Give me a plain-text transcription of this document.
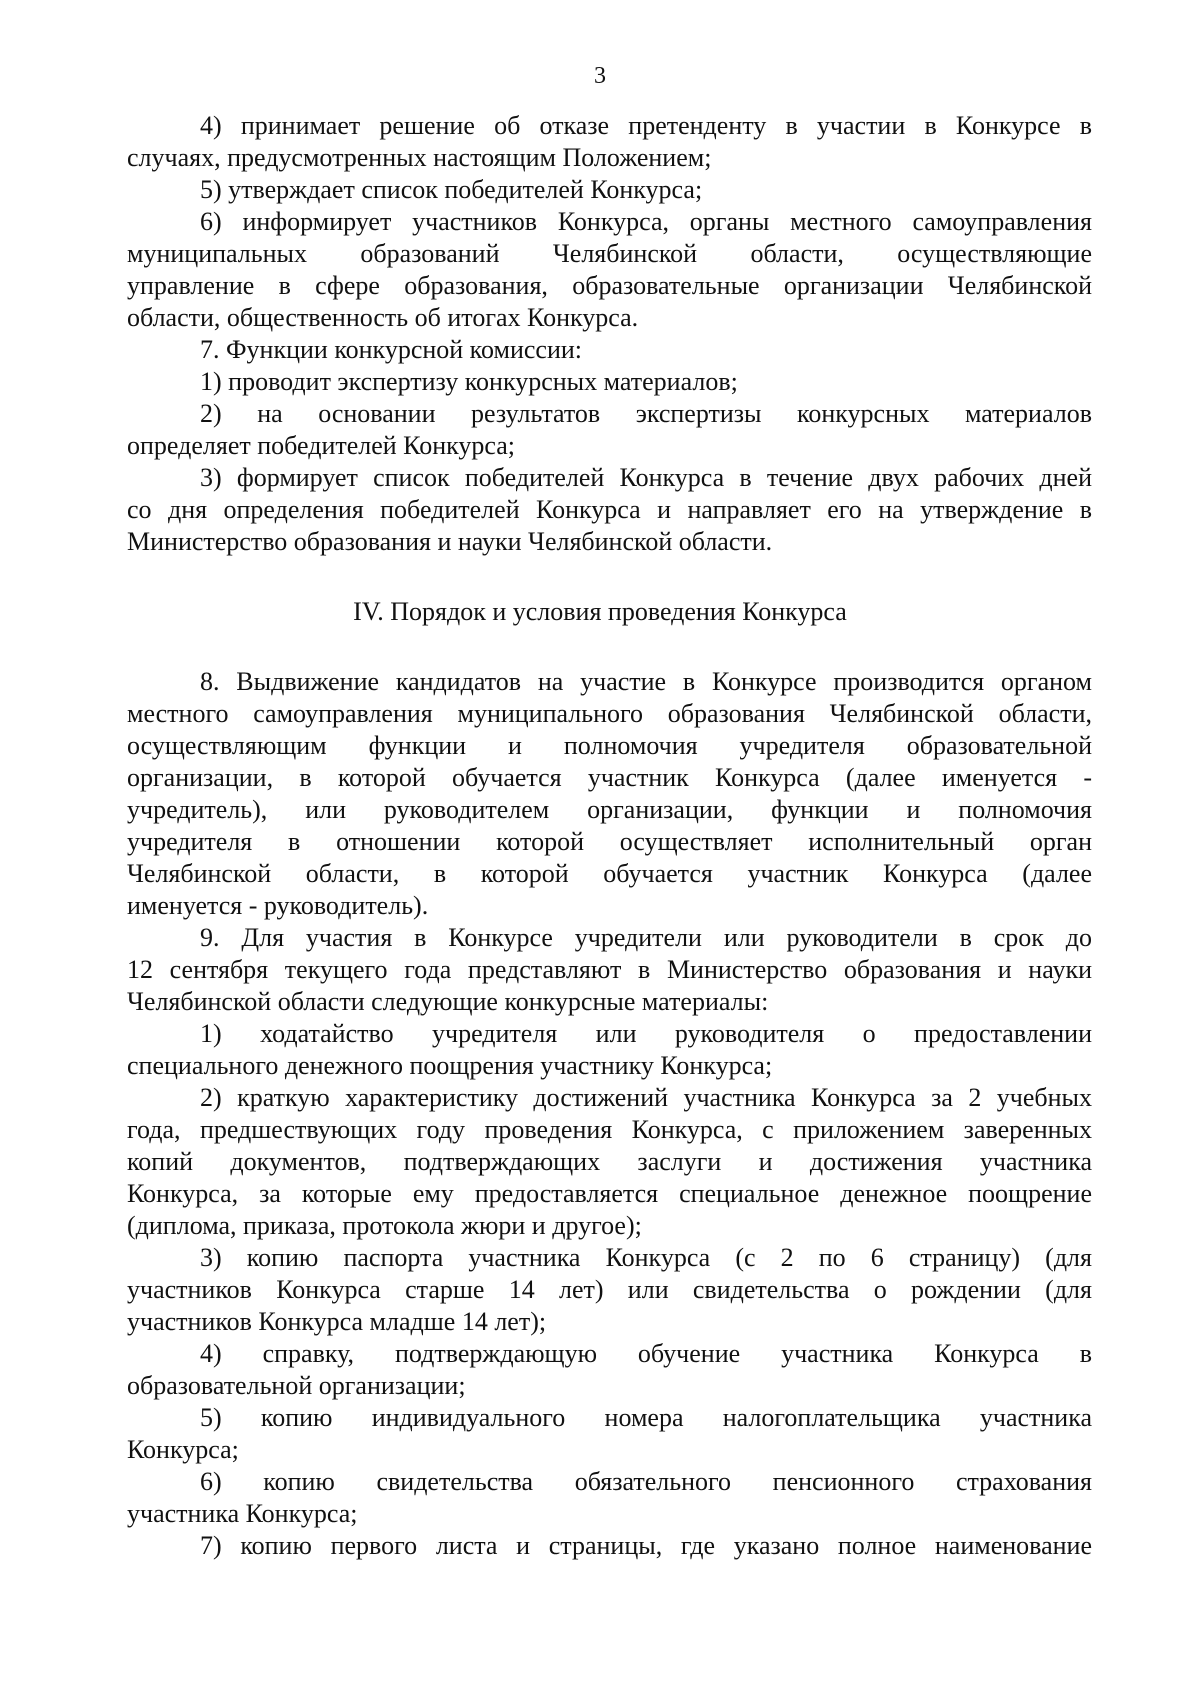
3
4) принимает решение об отказе претенденту в участии в Конкурсе в
случаях, предусмотренных настоящим Положением;
5) утверждает список победителей Конкурса;
6) информирует участников Конкурса, органы местного самоуправления
муниципальных образований Челябинской области, осуществляющие
управление в сфере образования, образовательные организации Челябинской
области, общественность об итогах Конкурса.
7. Функции конкурсной комиссии:
1) проводит экспертизу конкурсных материалов;
2) на основании результатов экспертизы конкурсных материалов
определяет победителей Конкурса;
3) формирует список победителей Конкурса в течение двух рабочих дней
со дня определения победителей Конкурса и направляет его на утверждение в
Министерство образования и науки Челябинской области.
IV. Порядок и условия проведения Конкурса
8. Выдвижение кандидатов на участие в Конкурсе производится органом
местного самоуправления муниципального образования Челябинской области,
осуществляющим функции и полномочия учредителя образовательной
организации, в которой обучается участник Конкурса (далее именуется -
учредитель), или руководителем организации, функции и полномочия
учредителя в отношении которой осуществляет исполнительный орган
Челябинской области, в которой обучается участник Конкурса (далее
именуется - руководитель).
9. Для участия в Конкурсе учредители или руководители в срок до
12 сентября текущего года представляют в Министерство образования и науки
Челябинской области следующие конкурсные материалы:
1) ходатайство учредителя или руководителя о предоставлении
специального денежного поощрения участнику Конкурса;
2) краткую характеристику достижений участника Конкурса за 2 учебных
года, предшествующих году проведения Конкурса, с приложением заверенных
копий документов, подтверждающих заслуги и достижения участника
Конкурса, за которые ему предоставляется специальное денежное поощрение
(диплома, приказа, протокола жюри и другое);
3) копию паспорта участника Конкурса (с 2 по 6 страницу) (для
участников Конкурса старше 14 лет) или свидетельства о рождении (для
участников Конкурса младше 14 лет);
4) справку, подтверждающую обучение участника Конкурса в
образовательной организации;
5) копию индивидуального номера налогоплательщика участника
Конкурса;
6) копию свидетельства обязательного пенсионного страхования
участника Конкурса;
7) копию первого листа и страницы, где указано полное наименование
